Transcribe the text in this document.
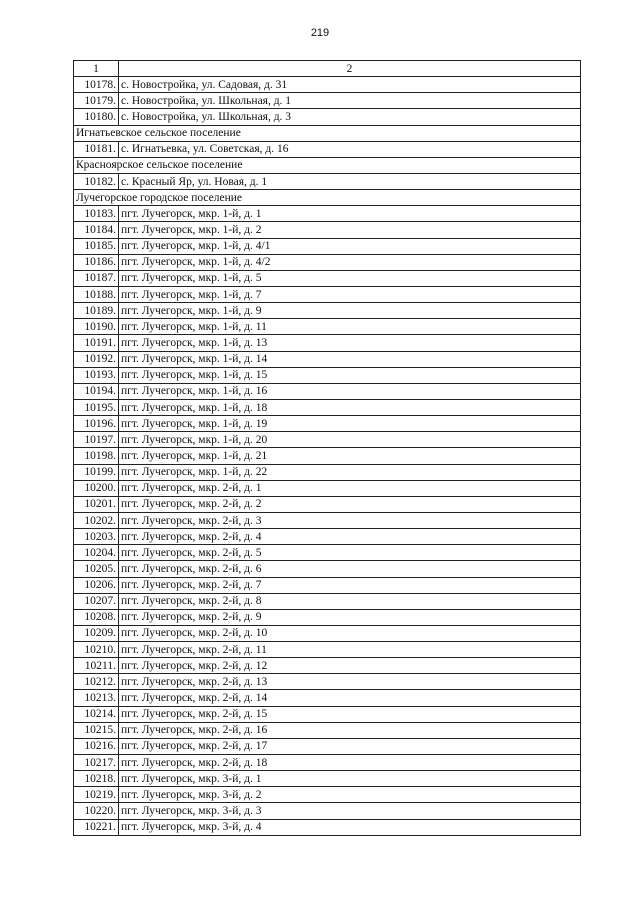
219
1	2
10178.	с. Новостройка, ул. Садовая, д. 31
10179.	с. Новостройка, ул. Школьная, д. 1
10180.	с. Новостройка, ул. Школьная, д. 3
Игнатьевское сельское поселение	
10181.	с. Игнатьевка, ул. Советская, д. 16
Красноярское сельское поселение	
10182.	с. Красный Яр, ул. Новая, д. 1
Лучегорское городское поселение	
10183.	пгт. Лучегорск, мкр. 1-й, д. 1
10184.	пгт. Лучегорск, мкр. 1-й, д. 2
10185.	пгт. Лучегорск, мкр. 1-й, д. 4/1
10186.	пгт. Лучегорск, мкр. 1-й, д. 4/2
10187.	пгт. Лучегорск, мкр. 1-й, д. 5
10188.	пгт. Лучегорск, мкр. 1-й, д. 7
10189.	пгт. Лучегорск, мкр. 1-й, д. 9
10190.	пгт. Лучегорск, мкр. 1-й, д. 11
10191.	пгт. Лучегорск, мкр. 1-й, д. 13
10192.	пгт. Лучегорск, мкр. 1-й, д. 14
10193.	пгт. Лучегорск, мкр. 1-й, д. 15
10194.	пгт. Лучегорск, мкр. 1-й, д. 16
10195.	пгт. Лучегорск, мкр. 1-й, д. 18
10196.	пгт. Лучегорск, мкр. 1-й, д. 19
10197.	пгт. Лучегорск, мкр. 1-й, д. 20
10198.	пгт. Лучегорск, мкр. 1-й, д. 21
10199.	пгт. Лучегорск, мкр. 1-й, д. 22
10200.	пгт. Лучегорск, мкр. 2-й, д. 1
10201.	пгт. Лучегорск, мкр. 2-й, д. 2
10202.	пгт. Лучегорск, мкр. 2-й, д. 3
10203.	пгт. Лучегорск, мкр. 2-й, д. 4
10204.	пгт. Лучегорск, мкр. 2-й, д. 5
10205.	пгт. Лучегорск, мкр. 2-й, д. 6
10206.	пгт. Лучегорск, мкр. 2-й, д. 7
10207.	пгт. Лучегорск, мкр. 2-й, д. 8
10208.	пгт. Лучегорск, мкр. 2-й, д. 9
10209.	пгт. Лучегорск, мкр. 2-й, д. 10
10210.	пгт. Лучегорск, мкр. 2-й, д. 11
10211.	пгт. Лучегорск, мкр. 2-й, д. 12
10212.	пгт. Лучегорск, мкр. 2-й, д. 13
10213.	пгт. Лучегорск, мкр. 2-й, д. 14
10214.	пгт. Лучегорск, мкр. 2-й, д. 15
10215.	пгт. Лучегорск, мкр. 2-й, д. 16
10216.	пгт. Лучегорск, мкр. 2-й, д. 17
10217.	пгт. Лучегорск, мкр. 2-й, д. 18
10218.	пгт. Лучегорск, мкр. 3-й, д. 1
10219.	пгт. Лучегорск, мкр. 3-й, д. 2
10220.	пгт. Лучегорск, мкр. 3-й, д. 3
10221.	пгт. Лучегорск, мкр. 3-й, д. 4
